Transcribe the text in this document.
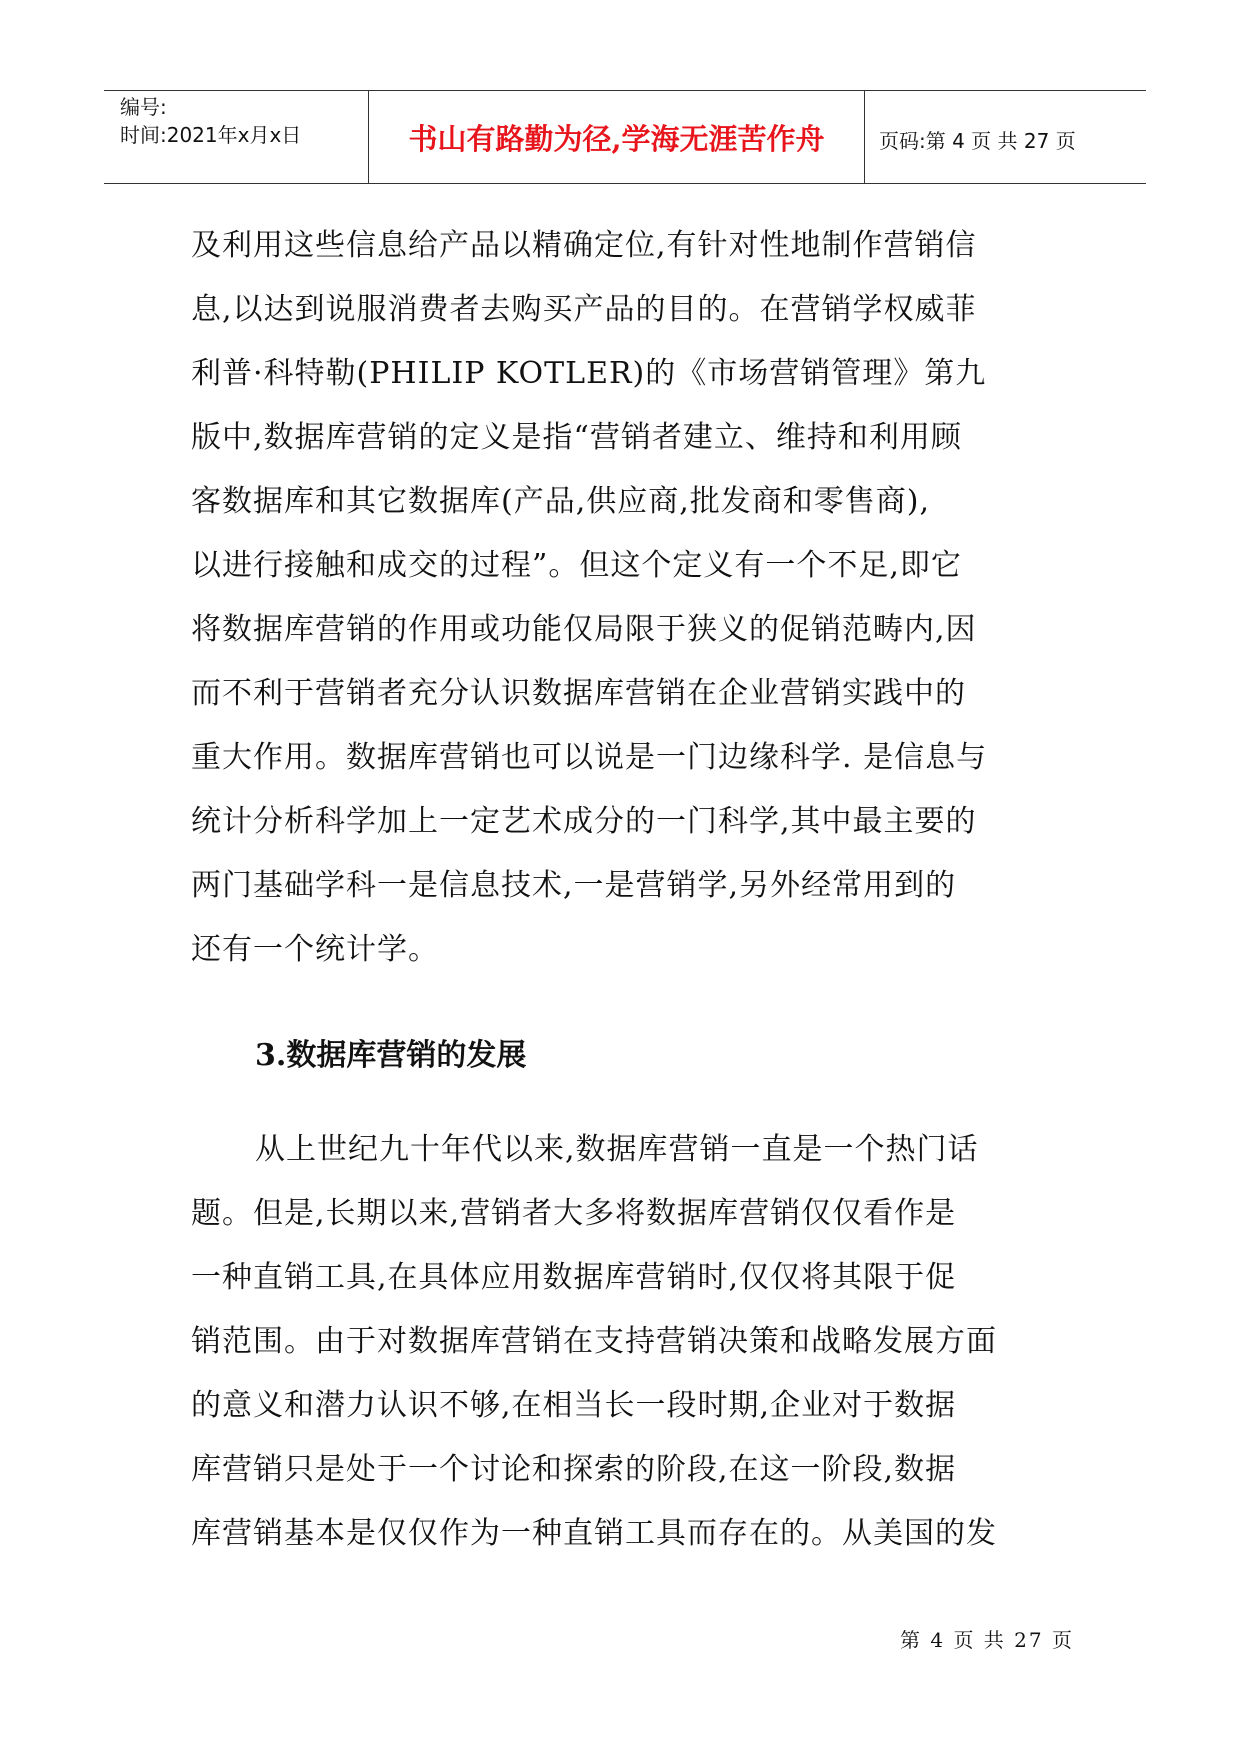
编号:
时间:2021年x月x日	书山有路勤为径,学海无涯苦作舟	页码:第 4 页 共 27 页
及利用这些信息给产品以精确定位,有针对性地制作营销信
息,以达到说服消费者去购买产品的目的。在营销学权威菲
利普·科特勒(PHILIP KOTLER)的《市场营销管理》第九
版中,数据库营销的定义是指“营销者建立、维持和利用顾
客数据库和其它数据库(产品,供应商,批发商和零售商),
以进行接触和成交的过程”。但这个定义有一个不足,即它
将数据库营销的作用或功能仅局限于狭义的促销范畴内,因
而不利于营销者充分认识数据库营销在企业营销实践中的
重大作用。数据库营销也可以说是一门边缘科学. 是信息与
统计分析科学加上一定艺术成分的一门科学,其中最主要的
两门基础学科一是信息技术,一是营销学,另外经常用到的
还有一个统计学。
3.数据库营销的发展
从上世纪九十年代以来,数据库营销一直是一个热门话
题。但是,长期以来,营销者大多将数据库营销仅仅看作是
一种直销工具,在具体应用数据库营销时,仅仅将其限于促
销范围。由于对数据库营销在支持营销决策和战略发展方面
的意义和潜力认识不够,在相当长一段时期,企业对于数据
库营销只是处于一个讨论和探索的阶段,在这一阶段,数据
库营销基本是仅仅作为一种直销工具而存在的。从美国的发
第 4 页 共 27 页
